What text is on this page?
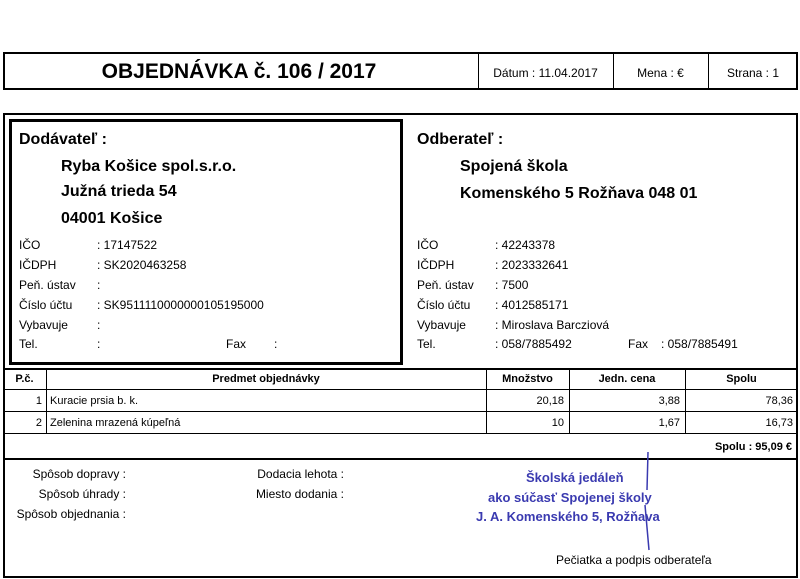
OBJEDNÁVKA č. 106 / 2017	Dátum : 11.04.2017	Mena : €	Strana : 1
Dodávateľ :
Ryba Košice spol.s.r.o.
Južná trieda 54
04001 Košice
IČO	: 17147522
IČDPH	: SK2020463258
Peň. ústav :
Číslo účtu : SK9511110000000105195000
Vybavuje :
Tel.	:	Fax :
Odberateľ :
Spojená škola
Komenského 5 Rožňava 048 01
IČO	: 42243378
IČDPH	: 2023332641
Peň. ústav : 7500
Číslo účtu : 4012585171
Vybavuje : Miroslava Barcziová
Tel.	: 058/7885492	Fax : 058/7885491
P.č.	Predmet objednávky	Množstvo	Jedn. cena	Spolu
1 Kuracie prsia b. k.	20,18	3,88	78,36
2 Zelenina mrazená kúpeľná	10	1,67	16,73
Spolu : 95,09 €
Spôsob dopravy :
Spôsob úhrady :
Spôsob objednania :
Dodacia lehota :
Miesto dodania :
Školská jedáleň
ako súčasť Spojenej školy
J. A. Komenského 5, Rožňava
Pečiatka a podpis odberateľa
